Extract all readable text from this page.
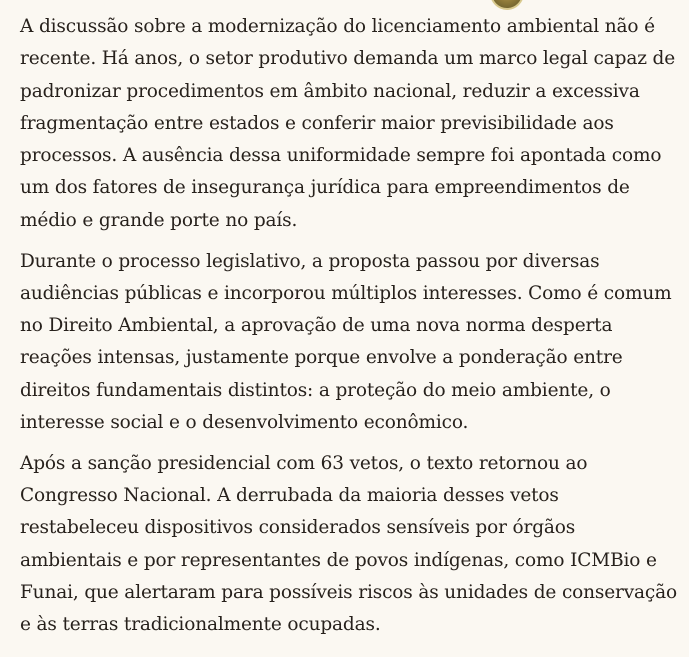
A discussão sobre a modernização do licenciamento ambiental não é recente. Há anos, o setor produtivo demanda um marco legal capaz de padronizar procedimentos em âmbito nacional, reduzir a excessiva fragmentação entre estados e conferir maior previsibilidade aos processos. A ausência dessa uniformidade sempre foi apontada como um dos fatores de insegurança jurídica para empreendimentos de médio e grande porte no país.

Durante o processo legislativo, a proposta passou por diversas audiências públicas e incorporou múltiplos interesses. Como é comum no Direito Ambiental, a aprovação de uma nova norma desperta reações intensas, justamente porque envolve a ponderação entre direitos fundamentais distintos: a proteção do meio ambiente, o interesse social e o desenvolvimento econômico.

Após a sanção presidencial com 63 vetos, o texto retornou ao Congresso Nacional. A derrubada da maioria desses vetos restabeleceu dispositivos considerados sensíveis por órgãos ambientais e por representantes de povos indígenas, como ICMBio e Funai, que alertaram para possíveis riscos às unidades de conservação e às terras tradicionalmente ocupadas.
